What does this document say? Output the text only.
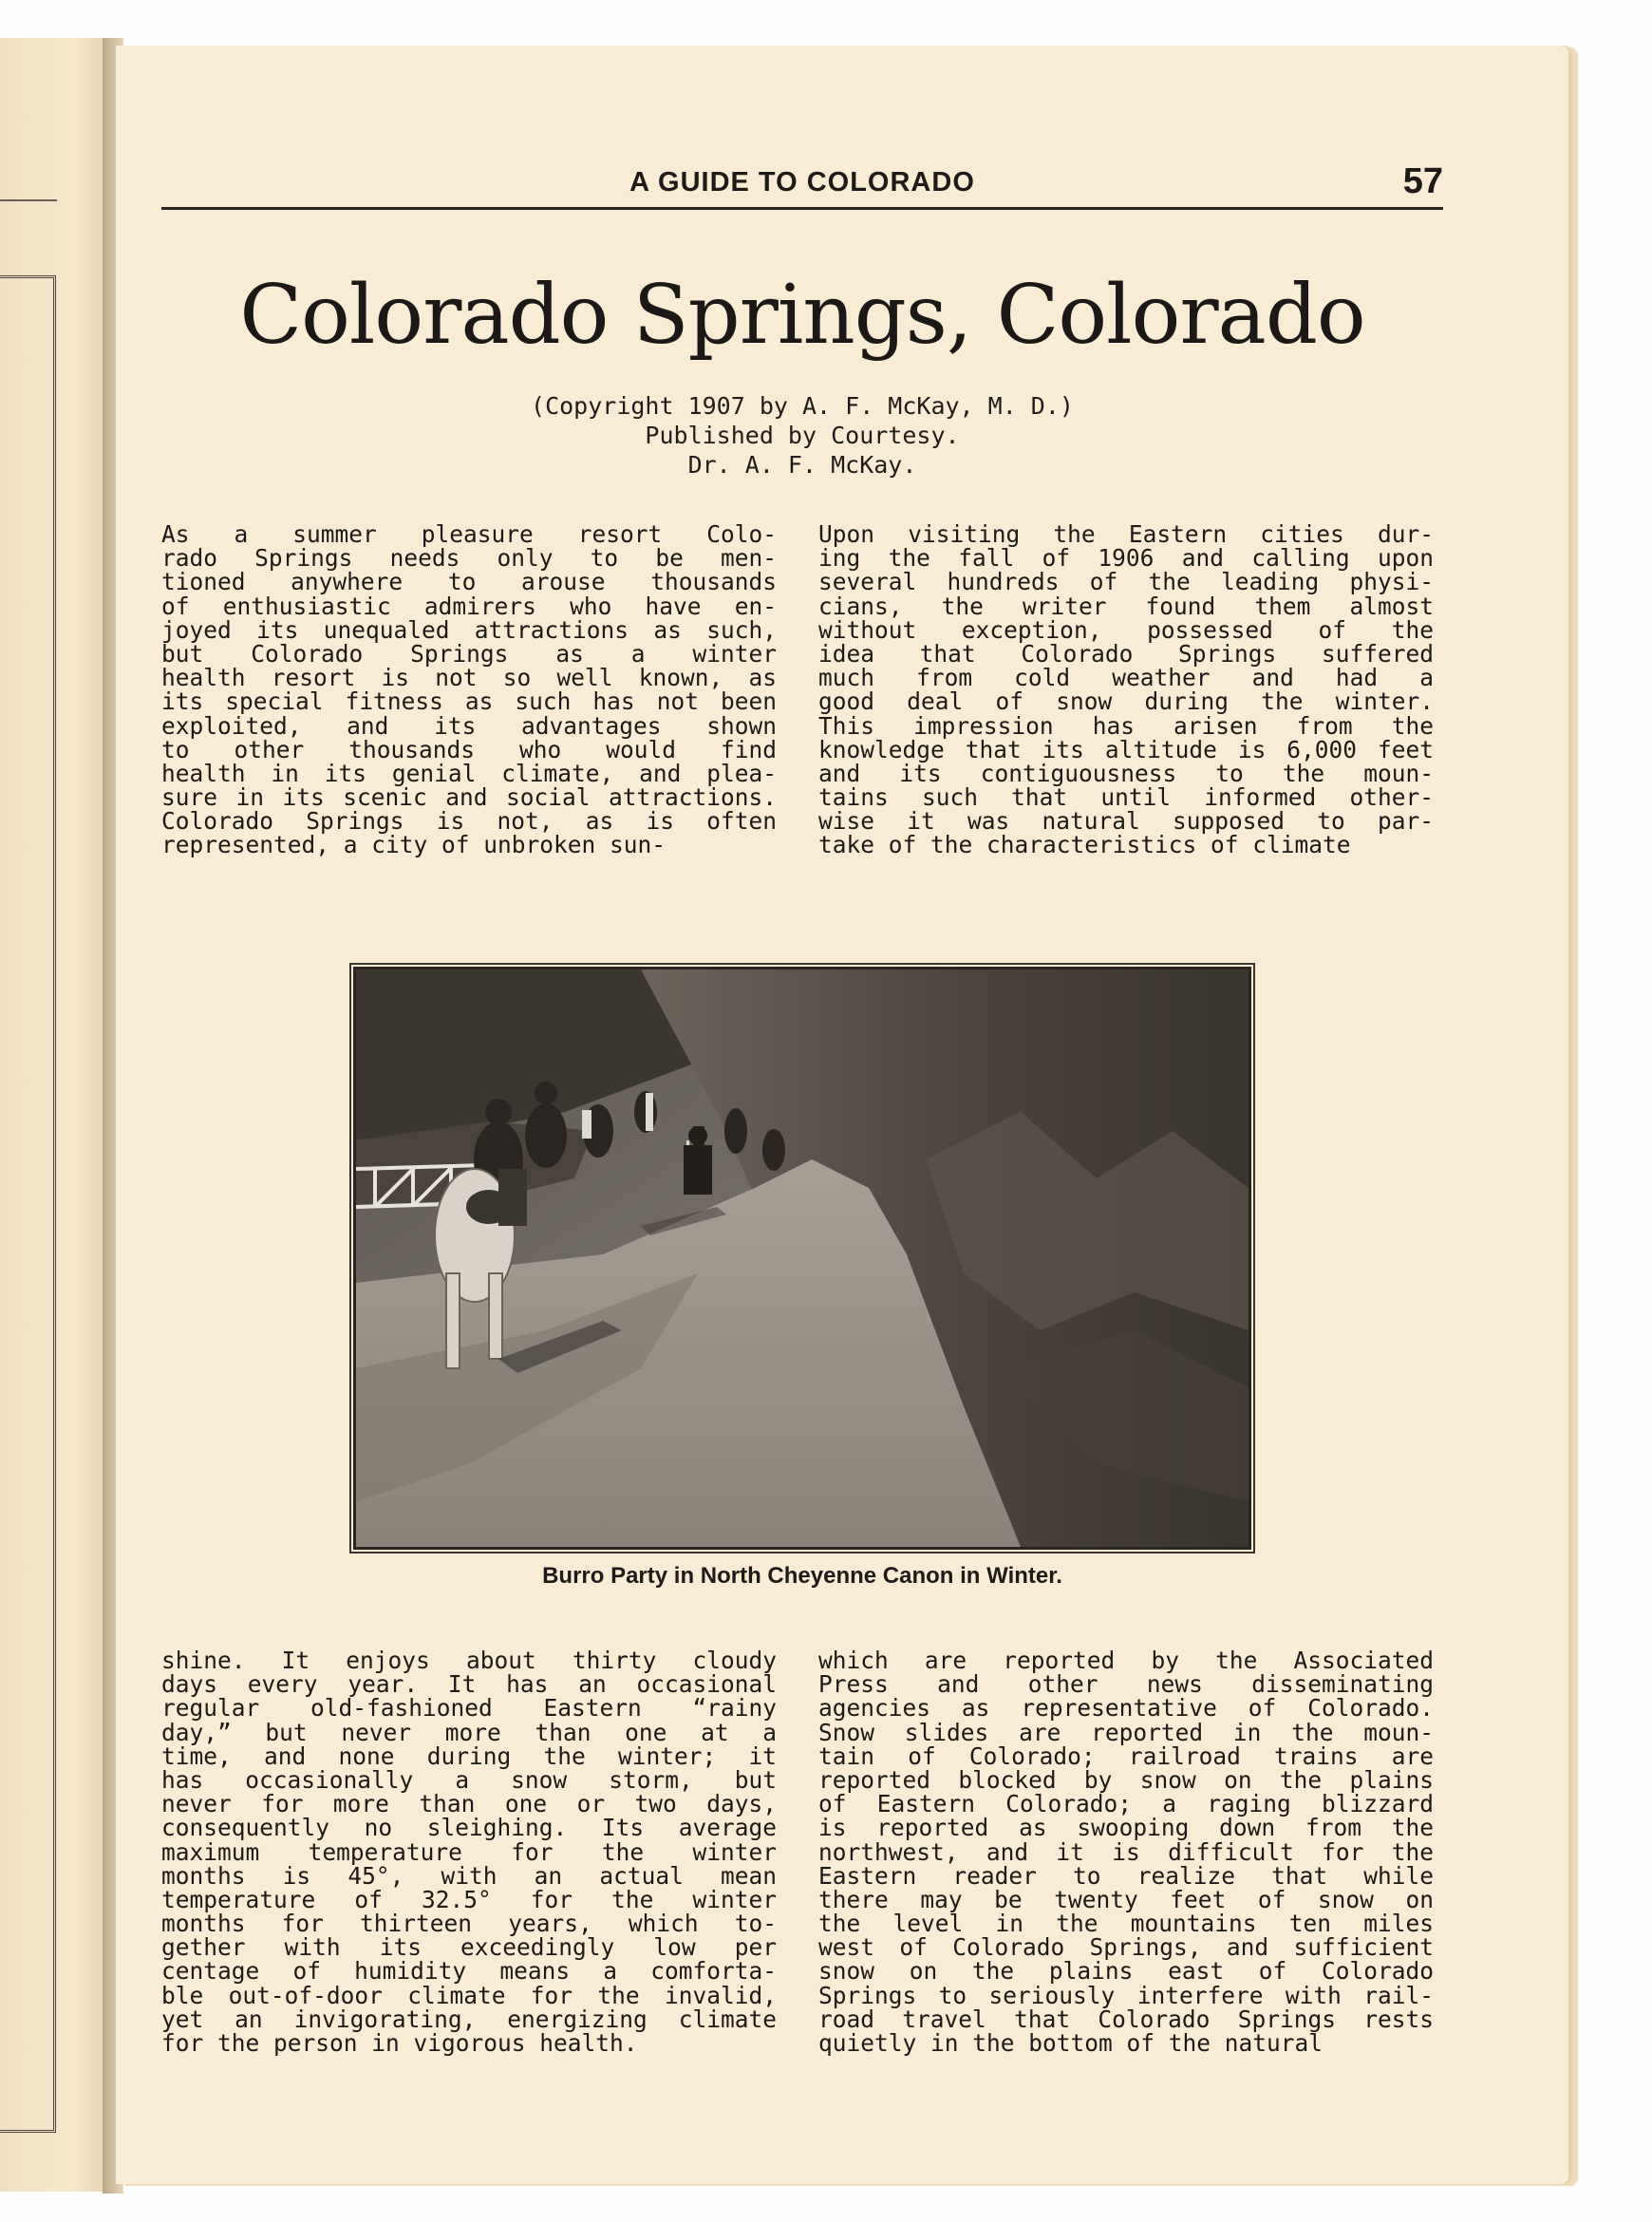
A GUIDE TO COLORADO	57
Colorado Springs, Colorado
(Copyright 1907 by A. F. McKay, M. D.)
Published by Courtesy.
Dr. A. F. McKay.
As a summer pleasure resort Colo-
rado Springs needs only to be men-
tioned anywhere to arouse thousands
of enthusiastic admirers who have en-
joyed its unequaled attractions as such,
but Colorado Springs as a winter
health resort is not so well known, as
its special fitness as such has not been
exploited, and its advantages shown
to other thousands who would find
health in its genial climate, and plea-
sure in its scenic and social attractions.
Colorado Springs is not, as is often
represented, a city of unbroken sun-
Upon visiting the Eastern cities dur-
ing the fall of 1906 and calling upon
several hundreds of the leading physi-
cians, the writer found them almost
without exception, possessed of the
idea that Colorado Springs suffered
much from cold weather and had a
good deal of snow during the winter.
This impression has arisen from the
knowledge that its altitude is 6,000 feet
and its contiguousness to the moun-
tains such that until informed other-
wise it was natural supposed to par-
take of the characteristics of climate
Burro Party in North Cheyenne Canon in Winter.
shine. It enjoys about thirty cloudy
days every year. It has an occasional
regular old-fashioned Eastern “rainy
day,” but never more than one at a
time, and none during the winter; it
has occasionally a snow storm, but
never for more than one or two days,
consequently no sleighing. Its average
maximum temperature for the winter
months is 45°, with an actual mean
temperature of 32.5° for the winter
months for thirteen years, which to-
gether with its exceedingly low per
centage of humidity means a comforta-
ble out-of-door climate for the invalid,
yet an invigorating, energizing climate
for the person in vigorous health.
which are reported by the Associated
Press and other news disseminating
agencies as representative of Colorado.
Snow slides are reported in the moun-
tain of Colorado; railroad trains are
reported blocked by snow on the plains
of Eastern Colorado; a raging blizzard
is reported as swooping down from the
northwest, and it is difficult for the
Eastern reader to realize that while
there may be twenty feet of snow on
the level in the mountains ten miles
west of Colorado Springs, and sufficient
snow on the plains east of Colorado
Springs to seriously interfere with rail-
road travel that Colorado Springs rests
quietly in the bottom of the natural
